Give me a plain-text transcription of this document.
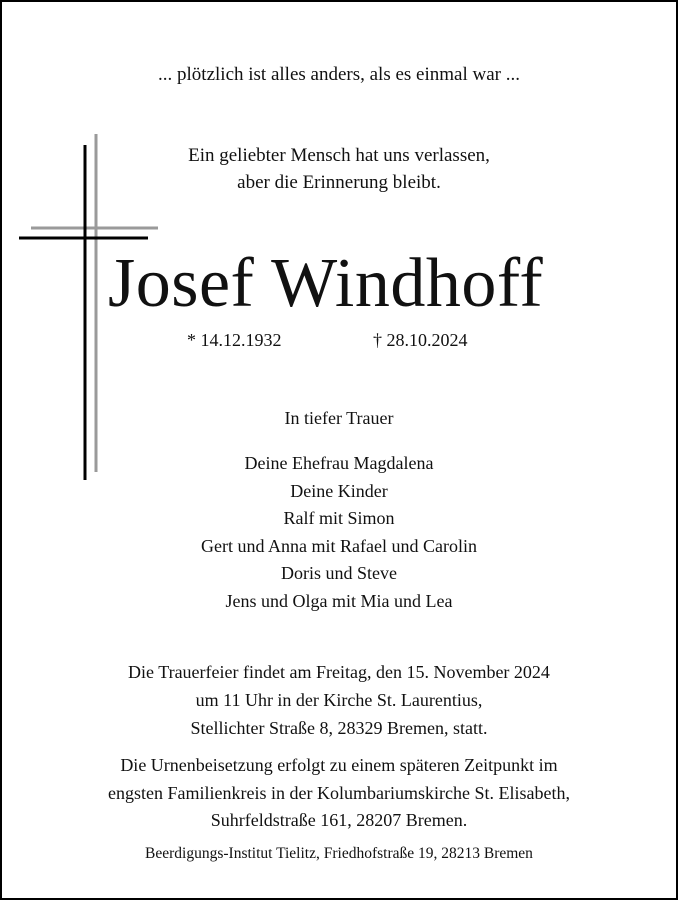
... plötzlich ist alles anders, als es einmal war ...
Ein geliebter Mensch hat uns verlassen,
aber die Erinnerung bleibt.
Josef Windhoff
* 14.12.1932	† 28.10.2024
In tiefer Trauer
Deine Ehefrau Magdalena
Deine Kinder
Ralf mit Simon
Gert und Anna mit Rafael und Carolin
Doris und Steve
Jens und Olga mit Mia und Lea
Die Trauerfeier findet am Freitag, den 15. November 2024
um 11 Uhr in der Kirche St. Laurentius,
Stellichter Straße 8, 28329 Bremen, statt.
Die Urnenbeisetzung erfolgt zu einem späteren Zeitpunkt im
engsten Familienkreis in der Kolumbariumskirche St. Elisabeth,
Suhrfeldstraße 161, 28207 Bremen.
Beerdigungs-Institut Tielitz, Friedhofstraße 19, 28213 Bremen
